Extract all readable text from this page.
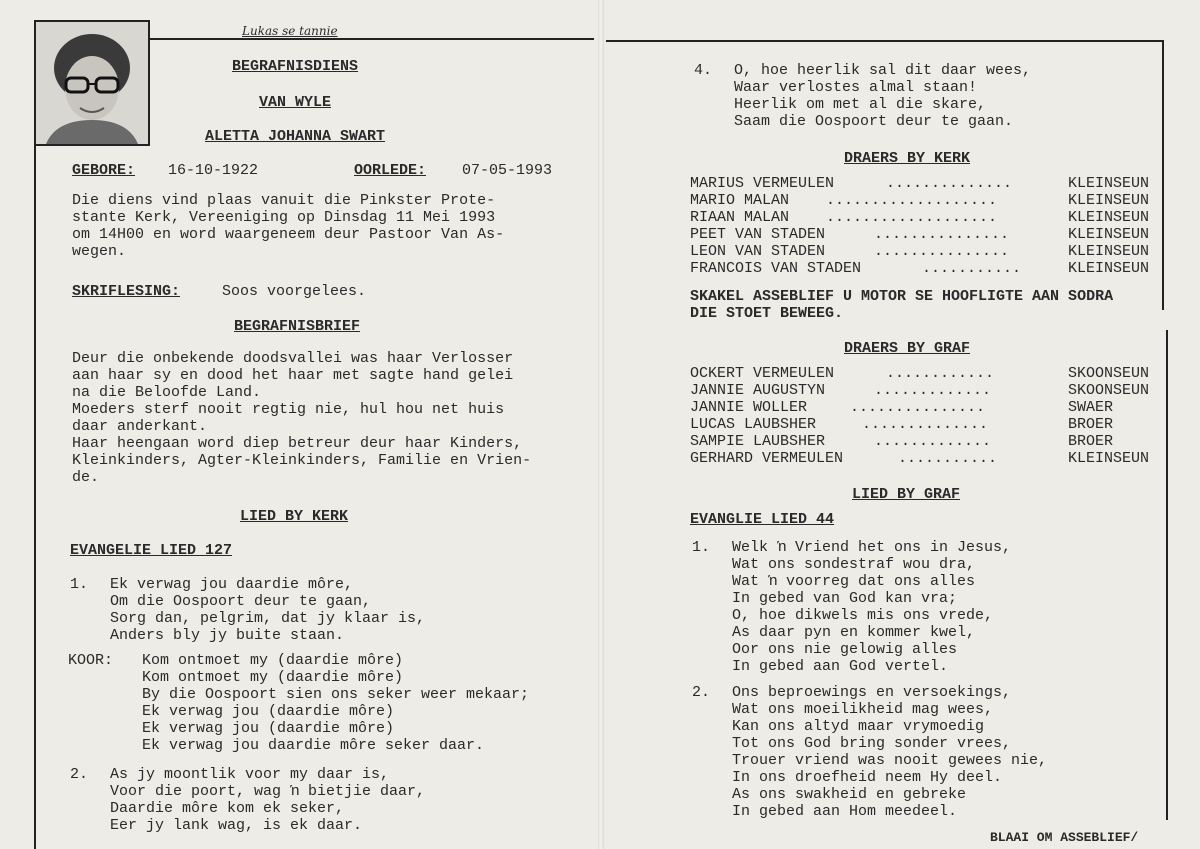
Lukas se tannie
BEGRAFNISDIENS
VAN WYLE
ALETTA JOHANNA SWART
GEBORE: 16-10-1922	OORLEDE: 07-05-1993
Die diens vind plaas vanuit die Pinkster Prote-
stante Kerk, Vereeniging op Dinsdag 11 Mei 1993
om 14H00 en word waargeneem deur Pastoor Van As-
wegen.
SKRIFLESING:	Soos voorgelees.
BEGRAFNISBRIEF
Deur die onbekende doodsvallei was haar Verlosser
aan haar sy en dood het haar met sagte hand gelei
na die Beloofde Land.
Moeders sterf nooit regtig nie, hul hou net huis
daar anderkant.
Haar heengaan word diep betreur deur haar Kinders,
Kleinkinders, Agter-Kleinkinders, Familie en Vrien-
de.
LIED BY KERK
EVANGELIE LIED 127
1. Ek verwag jou daardie môre,
Om die Oospoort deur te gaan,
Sorg dan, pelgrim, dat jy klaar is,
Anders bly jy buite staan.
KOOR: Kom ontmoet my (daardie môre)
Kom ontmoet my (daardie môre)
By die Oospoort sien ons seker weer mekaar;
Ek verwag jou (daardie môre)
Ek verwag jou (daardie môre)
Ek verwag jou daardie môre seker daar.
2. As jy moontlik voor my daar is,
Voor die poort, wag ŉ bietjie daar,
Daardie môre kom ek seker,
Eer jy lank wag, is ek daar.
4. O, hoe heerlik sal dit daar wees,
Waar verlostes almal staan!
Heerlik om met al die skare,
Saam die Oospoort deur te gaan.
DRAERS BY KERK
MARIUS VERMEULEN	..............	KLEINSEUN
MARIO MALAN ...................	KLEINSEUN
RIAAN MALAN ...................	KLEINSEUN
PEET VAN STADEN	...............	KLEINSEUN
LEON VAN STADEN	...............	KLEINSEUN
FRANCOIS VAN STADEN	...........	KLEINSEUN
SKAKEL ASSEBLIEF U MOTOR SE HOOFLIGTE AAN SODRA
DIE STOET BEWEEG.
DRAERS BY GRAF
OCKERT VERMEULEN	............	SKOONSEUN
JANNIE AUGUSTYN	.............	SKOONSEUN
JANNIE WOLLER	...............	SWAER
LUCAS LAUBSHER	..............	BROER
SAMPIE LAUBSHER	.............	BROER
GERHARD VERMEULEN	...........	KLEINSEUN
LIED BY GRAF
EVANGLIE LIED 44
1. Welk ŉ Vriend het ons in Jesus,
Wat ons sondestraf wou dra,
Wat ŉ voorreg dat ons alles
In gebed van God kan vra;
O, hoe dikwels mis ons vrede,
As daar pyn en kommer kwel,
Oor ons nie gelowig alles
In gebed aan God vertel.
2. Ons beproewings en versoekings,
Wat ons moeilikheid mag wees,
Kan ons altyd maar vrymoedig
Tot ons God bring sonder vrees,
Trouer vriend was nooit gewees nie,
In ons droefheid neem Hy deel.
As ons swakheid en gebreke
In gebed aan Hom meedeel.
BLAAI OM ASSEBLIEF/
